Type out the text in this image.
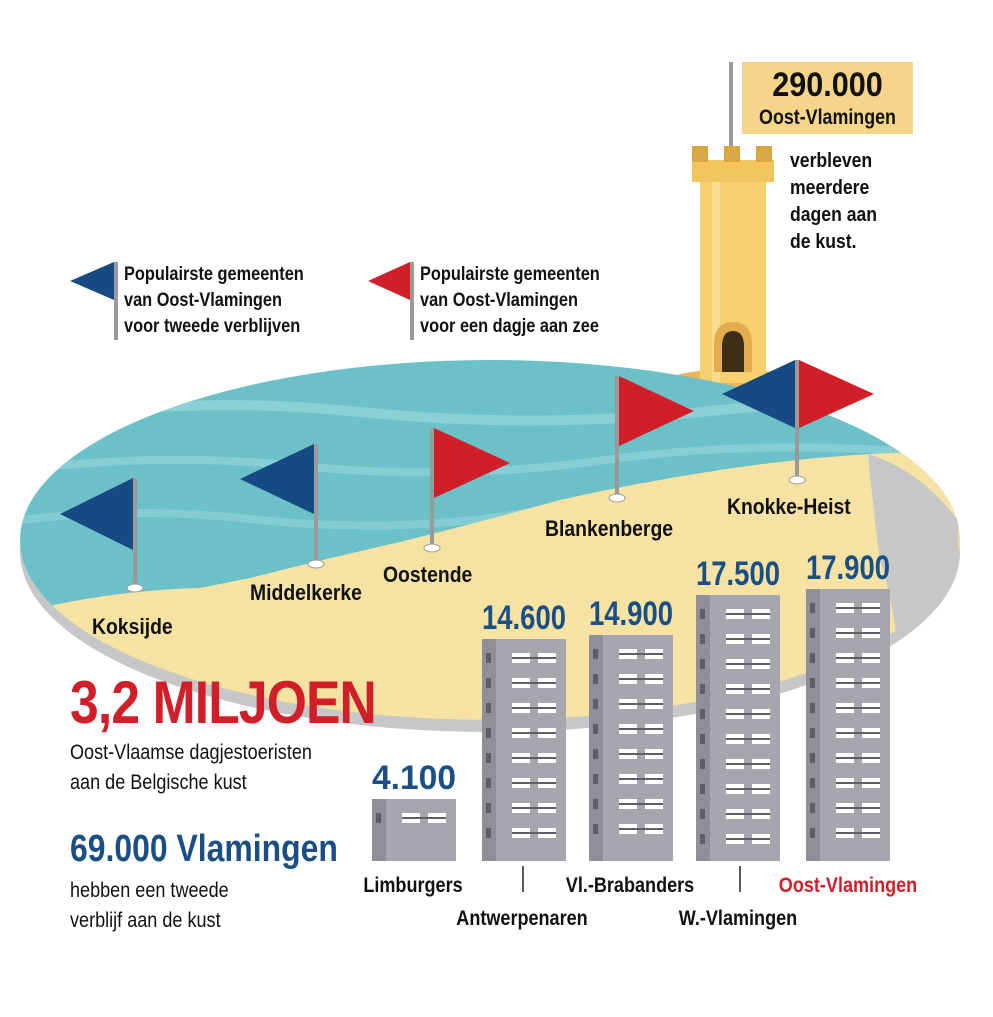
4.100
Limburgers
14.600
Antwerpenaren
14.900
Vl.-Brabanders
17.500
W.-Vlamingen
17.900
Oost-Vlamingen
Populairste gemeenten
van Oost-Vlamingen
voor tweede verblijven
Populairste gemeenten
van Oost-Vlamingen
voor een dagje aan zee
290.000
Oost-Vlamingen
verbleven
meerdere
dagen aan
de kust.
Koksijde
Middelkerke
Oostende
Blankenberge
Knokke-Heist
3,2 MILJOEN
Oost-Vlaamse dagjestoeristen
aan de Belgische kust
69.000 Vlamingen
hebben een tweede
verblijf aan de kust
